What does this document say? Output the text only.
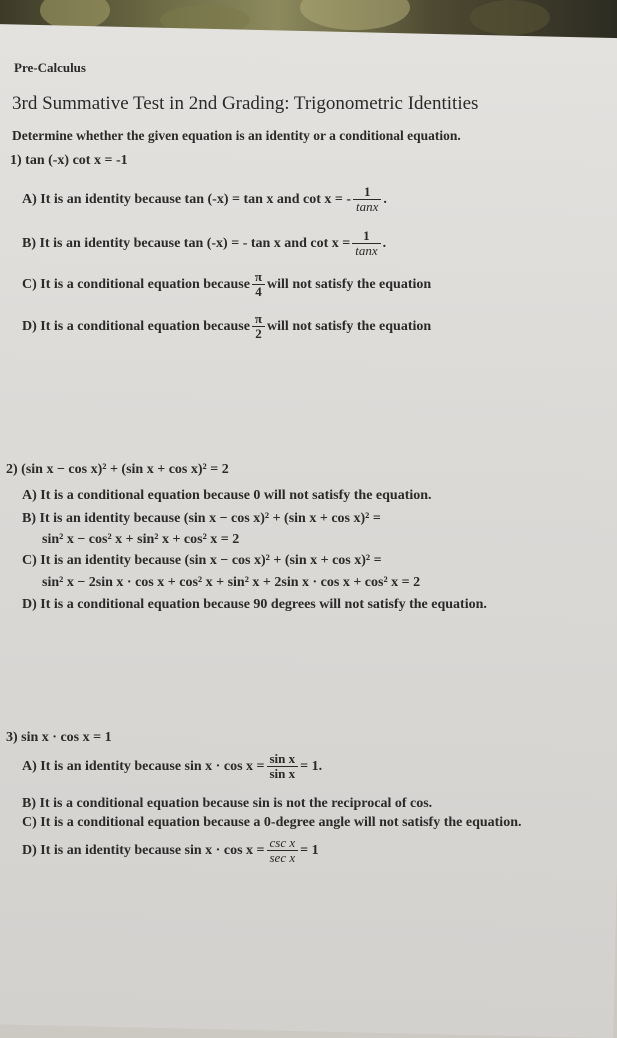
Pre-Calculus
3rd Summative Test in 2nd Grading: Trigonometric Identities
Determine whether the given equation is an identity or a conditional equation.
1) tan (-x) cot x = -1
A) It is an identity because tan (-x) = tan x and cot x = - $\frac{1}{\tan x}$ .
B) It is an identity because tan (-x) = - tan x and $\cot x = \frac{1}{\tan x}$ .
C) It is a conditional equation because $\frac{\pi}{4}$ will not satisfy the equation
D) It is a conditional equation because $\frac{\pi}{2}$ will not satisfy the equation
2) (sin x − cos x)² + (sin x + cos x)² = 2
A) It is a conditional equation because 0 will not satisfy the equation.
B) It is an identity because (sin x − cos x)² + (sin x + cos x)² =
sin² x − cos² x + sin² x + cos² x = 2
C) It is an identity because (sin x − cos x)² + (sin x + cos x)² =
sin² x − 2sin x · cos x + cos² x + sin² x + 2sin x · cos x + cos² x = 2
D) It is a conditional equation because 90 degrees will not satisfy the equation.
3) sin x · cos x = 1
A) It is an identity because $\sin x \cdot \cos x = \frac{\text{sin x}}{\text{sin x}} = 1$.
B) It is a conditional equation because sin is not the reciprocal of cos.
C) It is a conditional equation because a 0-degree angle will not satisfy the equation.
D) It is an identity because $\sin x \cdot \cos x = \frac{\text{csc x}}{\text{sec x}} = 1$
